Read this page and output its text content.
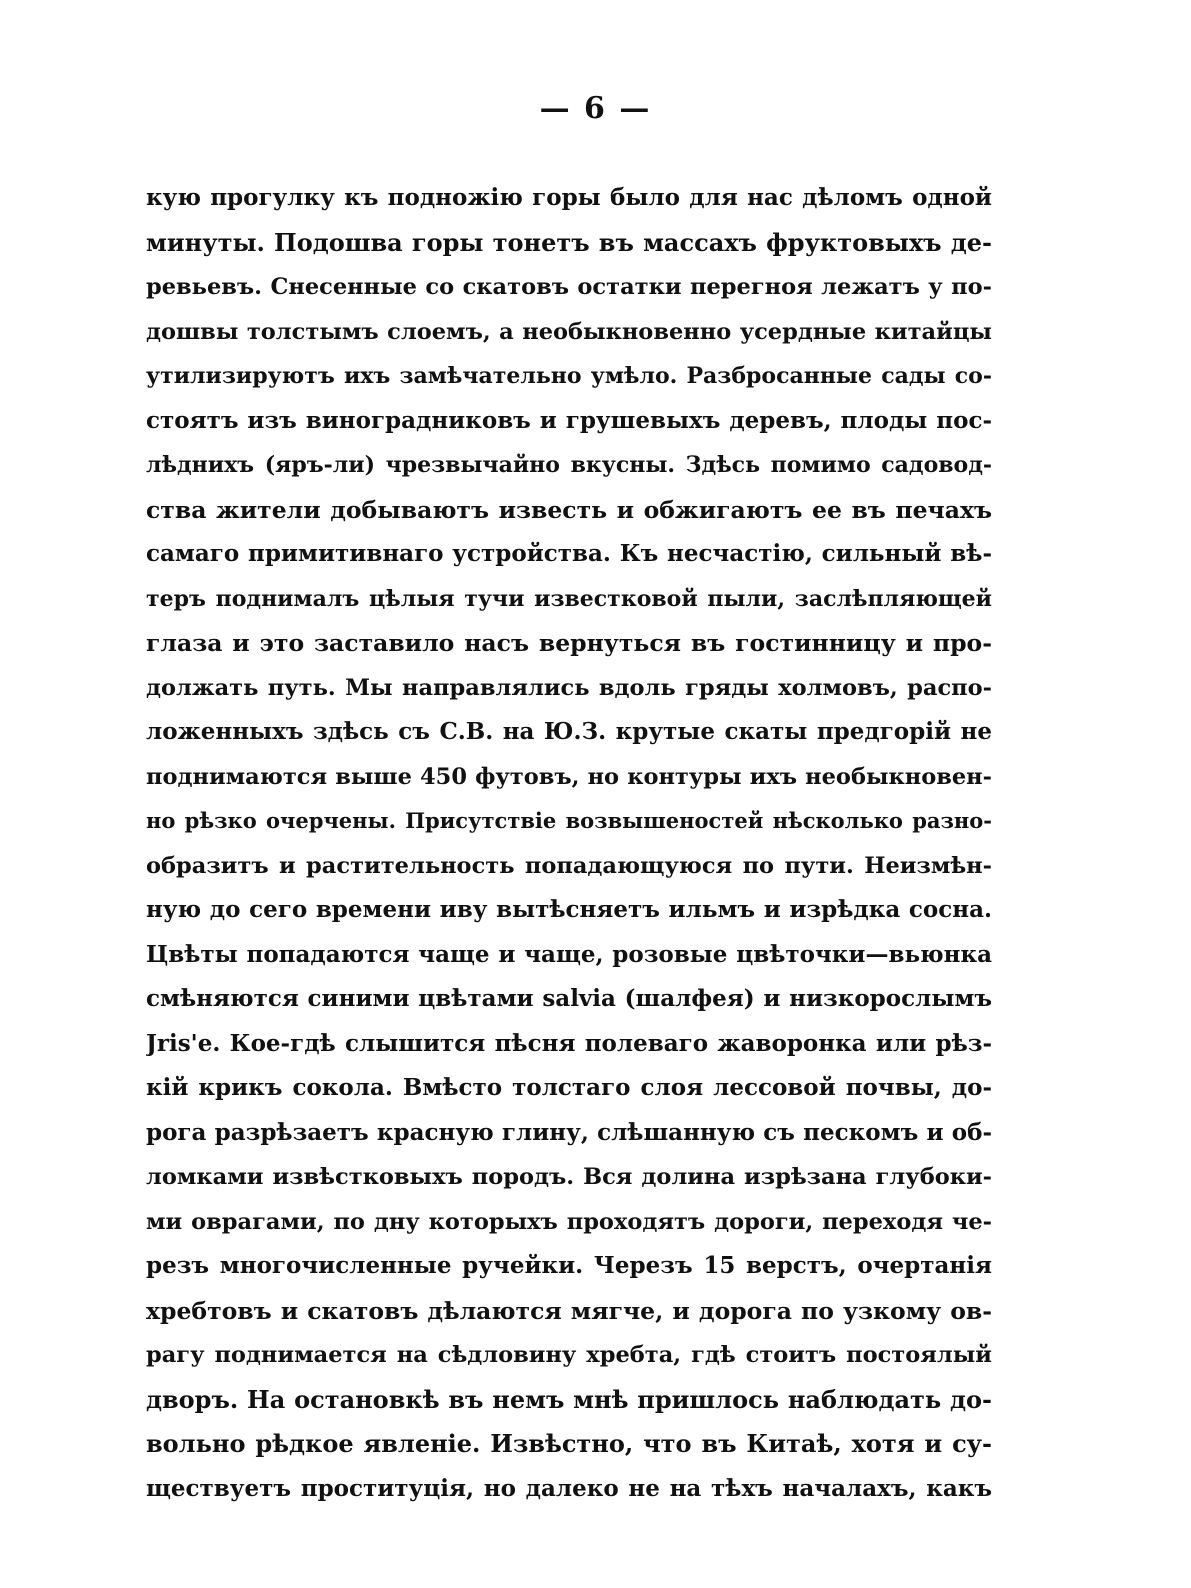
— 6 —
кую прогулку къ подножію горы было для нас дѣломъ одной
минуты. Подошва горы тонетъ въ массахъ фруктовыхъ де-
ревьевъ. Снесенные со скатовъ остатки перегноя лежатъ у по-
дошвы толстымъ слоемъ, а необыкновенно усердные китайцы
утилизируютъ ихъ замѣчательно умѣло. Разбросанные сады со-
стоятъ изъ виноградниковъ и грушевыхъ деревъ, плоды пос-
лѣднихъ (яръ-ли) чрезвычайно вкусны. Здѣсь помимо садовод-
ства жители добываютъ известь и обжигаютъ ее въ печахъ
самаго примитивнаго устройства. Къ несчастію, сильный вѣ-
теръ поднималъ цѣлыя тучи известковой пыли, заслѣпляющей
глаза и это заставило насъ вернуться въ гостинницу и про-
должать путь. Мы направлялись вдоль гряды холмовъ, распо-
ложенныхъ здѣсь съ С.В. на Ю.З. крутые скаты предгорій не
поднимаются выше 450 футовъ, но контуры ихъ необыкновен-
но рѣзко очерчены. Присутствіе возвышеностей нѣсколько разно-
образитъ и растительность попадающуюся по пути. Неизмѣн-
ную до сего времени иву вытѣсняетъ ильмъ и изрѣдка сосна.
Цвѣты попадаются чаще и чаще, розовые цвѣточки—вьюнка
смѣняются синими цвѣтами salvia (шалфея) и низкорослымъ
Jris'е. Кое-гдѣ слышится пѣсня полеваго жаворонка или рѣз-
кій крикъ сокола. Вмѣсто толстаго слоя лессовой почвы, до-
рога разрѣзаетъ красную глину, слѣшанную съ пескомъ и об-
ломками извѣстковыхъ породъ. Вся долина изрѣзана глубоки-
ми оврагами, по дну которыхъ проходятъ дороги, переходя че-
резъ многочисленные ручейки. Черезъ 15 верстъ, очертанія
хребтовъ и скатовъ дѣлаются мягче, и дорога по узкому ов-
рагу поднимается на сѣдловину хребта, гдѣ стоитъ постоялый
дворъ. На остановкѣ въ немъ мнѣ пришлось наблюдать до-
вольно рѣдкое явленіе. Извѣстно, что въ Китаѣ, хотя и су-
ществуетъ проституція, но далеко не на тѣхъ началахъ, какъ
